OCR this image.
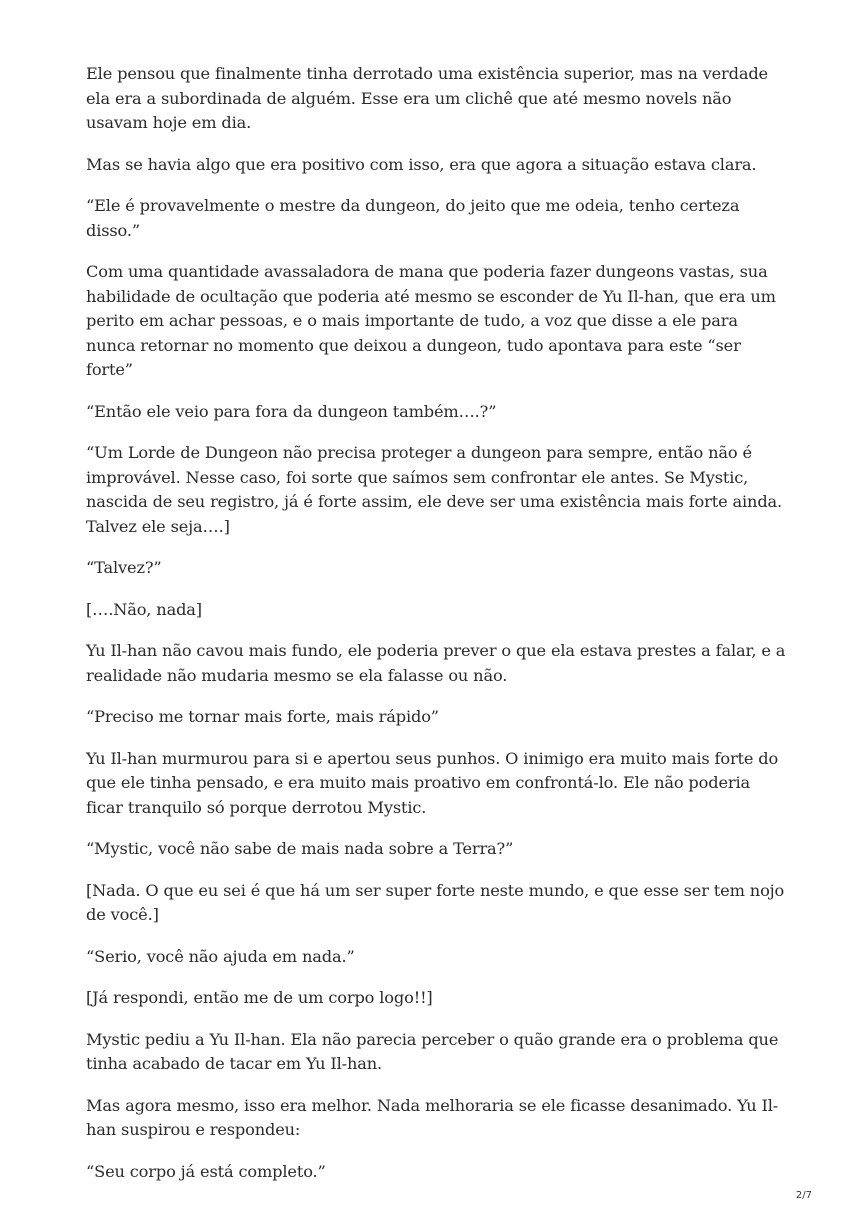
Ele pensou que finalmente tinha derrotado uma existência superior, mas na verdade ela era a subordinada de alguém. Esse era um clichê que até mesmo novels não usavam hoje em dia.

Mas se havia algo que era positivo com isso, era que agora a situação estava clara.

“Ele é provavelmente o mestre da dungeon, do jeito que me odeia, tenho certeza disso.”

Com uma quantidade avassaladora de mana que poderia fazer dungeons vastas, sua habilidade de ocultação que poderia até mesmo se esconder de Yu Il-han, que era um perito em achar pessoas, e o mais importante de tudo, a voz que disse a ele para nunca retornar no momento que deixou a dungeon, tudo apontava para este “ser forte”

“Então ele veio para fora da dungeon também….?”

“Um Lorde de Dungeon não precisa proteger a dungeon para sempre, então não é improvável. Nesse caso, foi sorte que saímos sem confrontar ele antes. Se Mystic, nascida de seu registro, já é forte assim, ele deve ser uma existência mais forte ainda. Talvez ele seja….]

“Talvez?”

[….Não, nada]

Yu Il-han não cavou mais fundo, ele poderia prever o que ela estava prestes a falar, e a realidade não mudaria mesmo se ela falasse ou não.

“Preciso me tornar mais forte, mais rápido”

Yu Il-han murmurou para si e apertou seus punhos. O inimigo era muito mais forte do que ele tinha pensado, e era muito mais proativo em confrontá-lo. Ele não poderia ficar tranquilo só porque derrotou Mystic.

“Mystic, você não sabe de mais nada sobre a Terra?”

[Nada. O que eu sei é que há um ser super forte neste mundo, e que esse ser tem nojo de você.]

“Serio, você não ajuda em nada.”

[Já respondi, então me de um corpo logo!!]

Mystic pediu a Yu Il-han. Ela não parecia perceber o quão grande era o problema que tinha acabado de tacar em Yu Il-han.

Mas agora mesmo, isso era melhor. Nada melhoraria se ele ficasse desanimado. Yu Il-han suspirou e respondeu:

“Seu corpo já está completo.”

2/7
